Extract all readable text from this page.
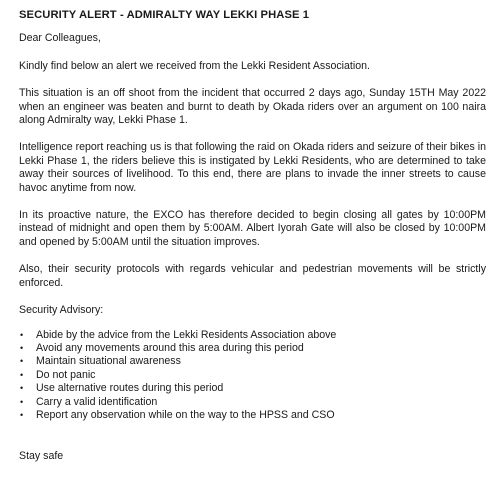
SECURITY ALERT - ADMIRALTY WAY LEKKI PHASE 1

Dear Colleagues,

Kindly find below an alert we received from the Lekki Resident Association.

This situation is an off shoot from the incident that occurred 2 days ago, Sunday 15TH May 2022 when an engineer was beaten and burnt to death by Okada riders over an argument on 100 naira along Admiralty way, Lekki Phase 1.

Intelligence report reaching us is that following the raid on Okada riders and seizure of their bikes in Lekki Phase 1, the riders believe this is instigated by Lekki Residents, who are determined to take away their sources of livelihood. To this end, there are plans to invade the inner streets to cause havoc anytime from now.

In its proactive nature, the EXCO has therefore decided to begin closing all gates by 10:00PM instead of midnight and open them by 5:00AM. Albert Iyorah Gate will also be closed by 10:00PM and opened by 5:00AM until the situation improves.

Also, their security protocols with regards vehicular and pedestrian movements will be strictly enforced.

Security Advisory:
• Abide by the advice from the Lekki Residents Association above
• Avoid any movements around this area during this period
• Maintain situational awareness
• Do not panic
• Use alternative routes during this period
• Carry a valid identification
• Report any observation while on the way to the HPSS and CSO
Stay safe
